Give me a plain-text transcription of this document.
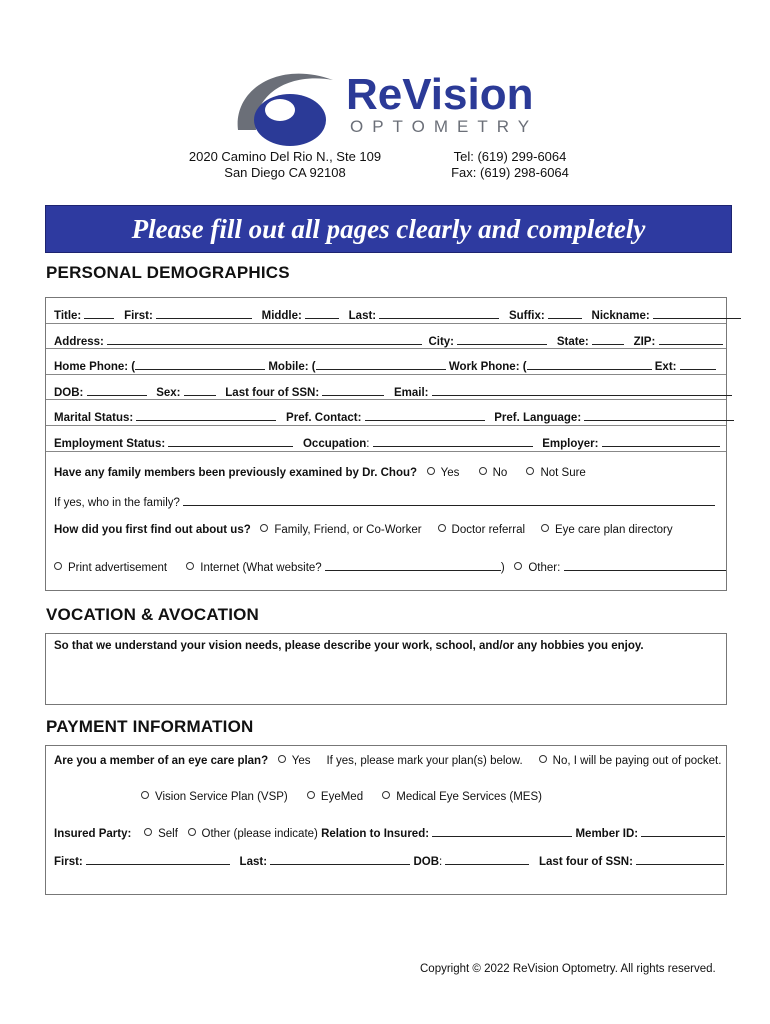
ReVision
OPTOMETRY
2020 Camino Del Rio N., Ste 109
San Diego CA 92108
Tel: (619) 299-6064
Fax: (619) 298-6064
Please fill out all pages clearly and completely
PERSONAL DEMOGRAPHICS
Title:	First:	Middle:	Last:	Suffix:	Nickname:
Address:	City:	State:	ZIP:
Home Phone: (	Mobile: (	Work Phone: (	Ext:
DOB:	Sex:	Last four of SSN:	Email:
Marital Status:	Pref. Contact:	Pref. Language:
Employment Status:	Occupation:	Employer:
Have any family members been previously examined by Dr. Chou? Yes	No	Not Sure
If yes, who in the family?
How did you first find out about us? Family, Friend, or Co-Worker	Doctor referral	Eye care plan directory
Print advertisement	Internet (What website?	) Other:
VOCATION & AVOCATION
So that we understand your vision needs, please describe your work, school, and/or any hobbies you enjoy.
PAYMENT INFORMATION
Are you a member of an eye care plan? Yes If yes, please mark your plan(s) below.	No, I will be paying out of pocket.
Vision Service Plan (VSP)	EyeMed	Medical Eye Services (MES)
Insured Party: Self Other (please indicate) Relation to Insured:	Member ID:
First:	Last:	DOB:	Last four of SSN:
Copyright © 2022 ReVision Optometry. All rights reserved.
